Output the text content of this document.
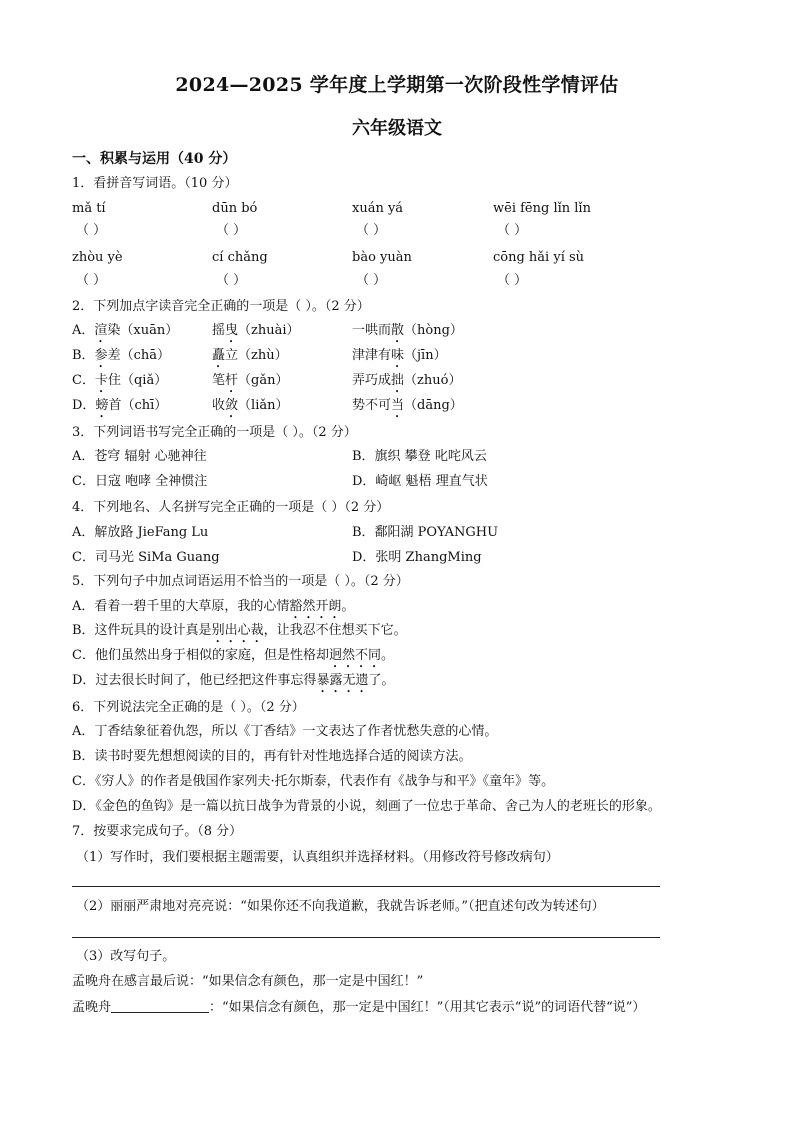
2024—2025 学年度上学期第一次阶段性学情评估
六年级语文
一、积累与运用（40 分）
1．看拼音写词语。（10 分）
mǎ tí	dūn bó	xuán yá	wēi fēng lǐn lǐn
（ ）	（ ）	（ ）	（ ）
zhòu yè	cí chǎng	bào yuàn	cōng hǎi yí sù
（ ）	（ ）	（ ）	（ ）
2．下列加点字读音完全正确的一项是（ ）。（2 分）
A．渲染（xuān）	摇曳（zhuài）	一哄而散（hòng）
B．参差（chā）	矗立（zhù）	津津有味（jīn）
C．卡住（qiǎ）	笔杆（gǎn）	弄巧成拙（zhuó）
D．螃首（chī）	收敛（liǎn）	势不可当（dāng）
3．下列词语书写完全正确的一项是（ ）。（2 分）
A．苍穹 辐射 心驰神往	B．旗织 攀登 叱咤风云
C．日寇 咆哮 全神惯注	D．崎岖 魁梧 理直气状
4．下列地名、人名拼写完全正确的一项是（ ）（2 分）
A．解放路 JieFang Lu	B．鄱阳湖 POYANGHU
C．司马光 SiMa Guang	D．张明 ZhangMing
5．下列句子中加点词语运用不恰当的一项是（ ）。（2 分）
A．看着一碧千里的大草原，我的心情豁然开朗。
B．这件玩具的设计真是别出心裁，让我忍不住想买下它。
C．他们虽然出身于相似的家庭，但是性格却迥然不同。
D．过去很长时间了，他已经把这件事忘得暴露无遗了。
6．下列说法完全正确的是（ ）。（2 分）
A．丁香结象征着仇怨，所以《丁香结》一文表达了作者忧愁失意的心情。
B．读书时要先想想阅读的目的，再有针对性地选择合适的阅读方法。
C．《穷人》的作者是俄国作家列夫·托尔斯泰，代表作有《战争与和平》《童年》等。
D．《金色的鱼钩》是一篇以抗日战争为背景的小说，刻画了一位忠于革命、舍己为人的老班长的形象。
7．按要求完成句子。（8 分）
（1）写作时，我们要根据主题需要，认真组织并选择材料。（用修改符号修改病句）
（2）丽丽严肃地对亮亮说：“如果你还不向我道歉，我就告诉老师。”（把直述句改为转述句）
（3）改写句子。
孟晚舟在感言最后说：“如果信念有颜色，那一定是中国红！”
孟晚舟	：“如果信念有颜色，那一定是中国红！”（用其它表示“说”的词语代替“说”）
